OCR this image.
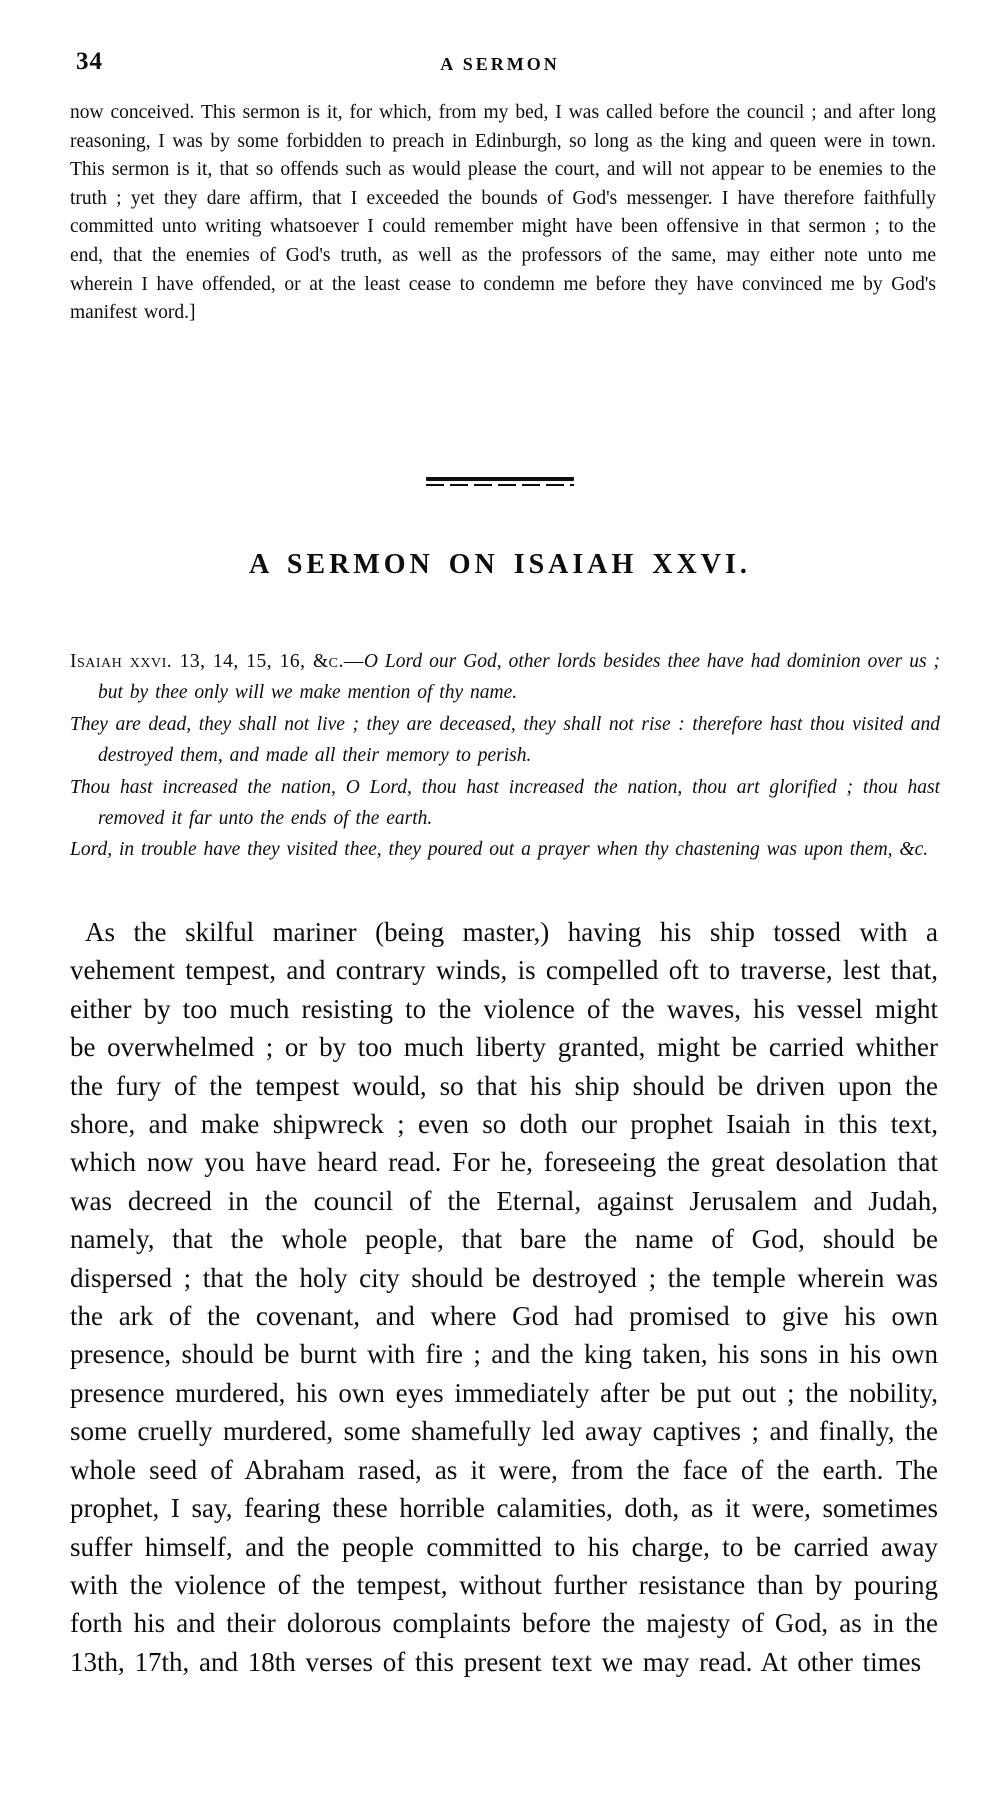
34	A SERMON
now conceived. This sermon is it, for which, from my bed, I was called before the council ; and after long reasoning, I was by some forbidden to preach in Edinburgh, so long as the king and queen were in town. This sermon is it, that so offends such as would please the court, and will not appear to be enemies to the truth ; yet they dare affirm, that I exceeded the bounds of God's messenger. I have therefore faithfully committed unto writing whatsoever I could remember might have been offensive in that sermon ; to the end, that the enemies of God's truth, as well as the professors of the same, may either note unto me wherein I have offended, or at the least cease to condemn me before they have convinced me by God's manifest word.]
A SERMON ON ISAIAH XXVI.

Isaiah xxvi. 13, 14, 15, 16, &c.—O Lord our God, other lords besides thee have had dominion over us ; but by thee only will we make mention of thy name.

They are dead, they shall not live ; they are deceased, they shall not rise : therefore hast thou visited and destroyed them, and made all their memory to perish.

Thou hast increased the nation, O Lord, thou hast increased the nation, thou art glorified ; thou hast removed it far unto the ends of the earth.

Lord, in trouble have they visited thee, they poured out a prayer when thy chastening was upon them, &c.

As the skilful mariner (being master,) having his ship tossed with a vehement tempest, and contrary winds, is compelled oft to traverse, lest that, either by too much resisting to the violence of the waves, his vessel might be overwhelmed ; or by too much liberty granted, might be carried whither the fury of the tempest would, so that his ship should be driven upon the shore, and make shipwreck ; even so doth our prophet Isaiah in this text, which now you have heard read. For he, foreseeing the great desolation that was decreed in the council of the Eternal, against Jerusalem and Judah, namely, that the whole people, that bare the name of God, should be dispersed ; that the holy city should be destroyed ; the temple wherein was the ark of the covenant, and where God had promised to give his own presence, should be burnt with fire ; and the king taken, his sons in his own presence murdered, his own eyes immediately after be put out ; the nobility, some cruelly murdered, some shamefully led away captives ; and finally, the whole seed of Abraham rased, as it were, from the face of the earth. The prophet, I say, fearing these horrible calamities, doth, as it were, sometimes suffer himself, and the people committed to his charge, to be carried away with the violence of the tempest, without further resistance than by pouring forth his and their dolorous complaints before the majesty of God, as in the 13th, 17th, and 18th verses of this present text we may read. At other times
